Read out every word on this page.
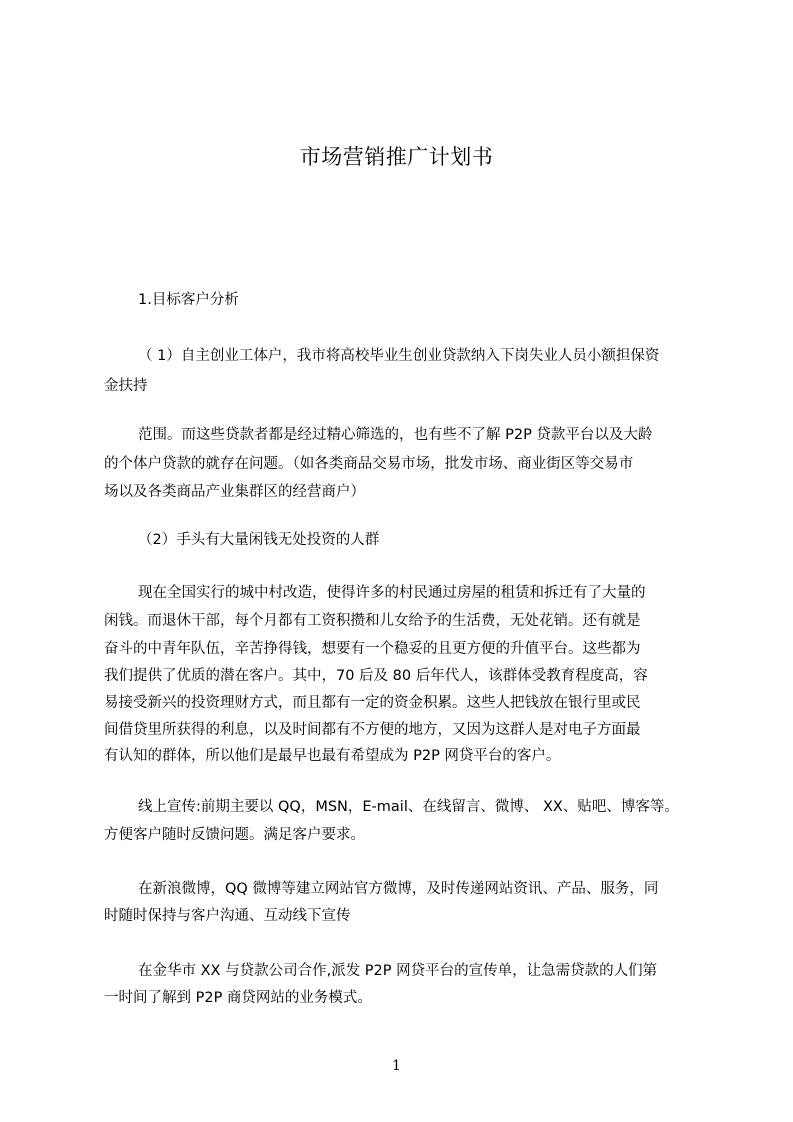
市场营销推广计划书
1.目标客户分析
（ 1）自主创业工体户，我市将高校毕业生创业贷款纳入下岗失业人员小额担保资
金扶持
范围。而这些贷款者都是经过精心筛选的，也有些不了解 P2P 贷款平台以及大龄
的个体户贷款的就存在问题。（如各类商品交易市场，批发市场、商业街区等交易市
场以及各类商品产业集群区的经营商户）
（2）手头有大量闲钱无处投资的人群
现在全国实行的城中村改造，使得许多的村民通过房屋的租赁和拆迁有了大量的
闲钱。而退休干部，每个月都有工资积攒和儿女给予的生活费，无处花销。还有就是
奋斗的中青年队伍，辛苦挣得钱，想要有一个稳妥的且更方便的升值平台。这些都为
我们提供了优质的潜在客户。其中，70 后及 80 后年代人，该群体受教育程度高，容
易接受新兴的投资理财方式，而且都有一定的资金积累。这些人把钱放在银行里或民
间借贷里所获得的利息，以及时间都有不方便的地方，又因为这群人是对电子方面最
有认知的群体，所以他们是最早也最有希望成为 P2P 网贷平台的客户。
线上宣传:前期主要以 QQ，MSN，E-mail、在线留言、微博、 XX、贴吧、博客等。
方便客户随时反馈问题。满足客户要求。
在新浪微博，QQ 微博等建立网站官方微博，及时传递网站资讯、产品、服务，同
时随时保持与客户沟通、互动线下宣传
在金华市 XX 与贷款公司合作,派发 P2P 网贷平台的宣传单，让急需贷款的人们第
一时间了解到 P2P 商贷网站的业务模式。
1
